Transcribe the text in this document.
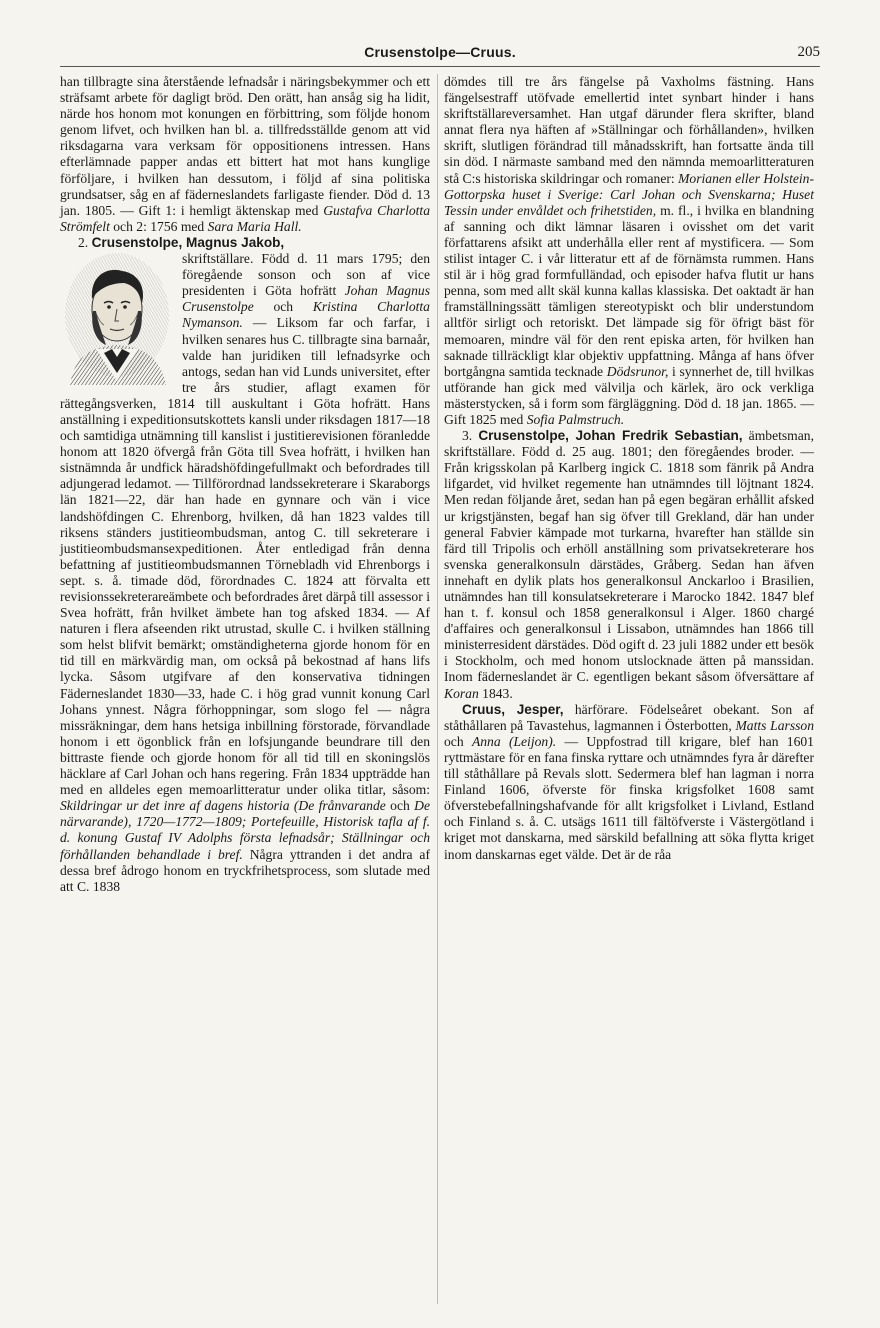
Crusenstolpe—Cruus.	205

han tillbragte sina återstående lefnadsår i näringsbekymmer och ett sträfsamt arbete för dagligt bröd. Den orätt, han ansåg sig ha lidit, närde hos honom mot konungen en förbittring, som följde honom genom lifvet, och hvilken han bl. a. tillfredsställde genom att vid riksdagarna vara verksam för oppositionens intressen. Hans efterlämnade papper andas ett bittert hat mot hans kunglige förföljare, i hvilken han dessutom, i följd af sina politiska grundsatser, såg en af fäderneslandets farligaste fiender. Död d. 13 jan. 1805. — Gift 1: i hemligt äktenskap med Gustafva Charlotta Strömfelt och 2: 1756 med Sara Maria Hall.

2. Crusenstolpe, Magnus Jakob,

skriftställare. Född d. 11 mars 1795; den föregående sonson och son af vice presidenten i Göta hofrätt Johan Magnus Crusenstolpe och Kristina Charlotta Nymanson. — Liksom far och farfar, i hvilken senares hus C. tillbragte sina barnaår, valde han juridiken till lefnadsyrke och antogs, sedan han vid Lunds universitet, efter tre års studier, aflagt examen för rättegångsverken, 1814 till auskultant i Göta hofrätt. Hans anställning i expeditionsutskottets kansli under riksdagen 1817—18 och samtidiga utnämning till kanslist i justitierevisionen föranledde honom att 1820 öfvergå från Göta till Svea hofrätt, i hvilken han sistnämnda år undfick häradshöfdingefullmakt och befordrades till adjungerad ledamot. — Tillförordnad landssekreterare i Skaraborgs län 1821—22, där han hade en gynnare och vän i vice landshöfdingen C. Ehrenborg, hvilken, då han 1823 valdes till riksens ständers justitieombudsman, antog C. till sekreterare i justitieombudsmansexpeditionen. Åter entledigad från denna befattning af justitieombudsmannen Törnebladh vid Ehrenborgs i sept. s. å. timade död, förordnades C. 1824 att förvalta ett revisionssekreterareämbete och befordrades året därpå till assessor i Svea hofrätt, från hvilket ämbete han tog afsked 1834. — Af naturen i flera afseenden rikt utrustad, skulle C. i hvilken ställning som helst blifvit bemärkt; omständigheterna gjorde honom för en tid till en märkvärdig man, om också på bekostnad af hans lifs lycka. Såsom utgifvare af den konservativa tidningen Fäderneslandet 1830—33, hade C. i hög grad vunnit konung Carl Johans ynnest. Några förhoppningar, som slogo fel — några missräkningar, dem hans hetsiga inbillning förstorade, förvandlade honom i ett ögonblick från en lofsjungande beundrare till den bittraste fiende och gjorde honom för all tid till en skoningslös häcklare af Carl Johan och hans regering. Från 1834 uppträdde han med en alldeles egen memoarlitteratur under olika titlar, såsom: Skildringar ur det inre af dagens historia (De frånvarande och De närvarande), 1720—1772—1809; Portefeuille, Historisk tafla af f. d. konung Gustaf IV Adolphs första lefnadsår; Ställningar och förhållanden behandlade i bref. Några yttranden i det andra af dessa bref ådrogo honom en tryckfrihetsprocess, som slutade med att C. 1838

dömdes till tre års fängelse på Vaxholms fästning. Hans fängelsestraff utöfvade emellertid intet synbart hinder i hans skriftställareversamhet. Han utgaf därunder flera skrifter, bland annat flera nya häften af »Ställningar och förhållanden», hvilken skrift, slutligen förändrad till månadsskrift, han fortsatte ända till sin död. I närmaste samband med den nämnda memoarlitteraturen stå C:s historiska skildringar och romaner: Morianen eller Holstein-Gottorpska huset i Sverige: Carl Johan och Svenskarna; Huset Tessin under envåldet och frihetstiden, m. fl., i hvilka en blandning af sanning och dikt lämnar läsaren i ovisshet om det varit författarens afsikt att underhålla eller rent af mystificera. — Som stilist intager C. i vår litteratur ett af de förnämsta rummen. Hans stil är i hög grad formfulländad, och episoder hafva flutit ur hans penna, som med allt skäl kunna kallas klassiska. Det oaktadt är han framställningssätt tämligen stereotypiskt och blir understundom alltför sirligt och retoriskt. Det lämpade sig för öfrigt bäst för memoaren, mindre väl för den rent episka arten, för hvilken han saknade tillräckligt klar objektiv uppfattning. Många af hans öfver bortgångna samtida tecknade Dödsrunor, i synnerhet de, till hvilkas utförande han gick med välvilja och kärlek, äro ock verkliga mästerstycken, så i form som färgläggning. Död d. 18 jan. 1865. — Gift 1825 med Sofia Palmstruch.

3. Crusenstolpe, Johan Fredrik Sebastian, ämbetsman, skriftställare. Född d. 25 aug. 1801; den föregåendes broder. — Från krigsskolan på Karlberg ingick C. 1818 som fänrik på Andra lifgardet, vid hvilket regemente han utnämndes till löjtnant 1824. Men redan följande året, sedan han på egen begäran erhållit afsked ur krigstjänsten, begaf han sig öfver till Grekland, där han under general Fabvier kämpade mot turkarna, hvarefter han ställde sin färd till Tripolis och erhöll anställning som privatsekreterare hos svenska generalkonsuln därstädes, Gråberg. Sedan han äfven innehaft en dylik plats hos generalkonsul Anckarloo i Brasilien, utnämndes han till konsulatsekreterare i Marocko 1842. 1847 blef han t. f. konsul och 1858 generalkonsul i Alger. 1860 chargé d'affaires och generalkonsul i Lissabon, utnämndes han 1866 till ministerresident därstädes. Död ogift d. 23 juli 1882 under ett besök i Stockholm, och med honom utslocknade ätten på manssidan. Inom fäderneslandet är C. egentligen bekant såsom öfversättare af Koran 1843.

Cruus, Jesper, härförare. Födelseåret obekant. Son af ståthållaren på Tavastehus, lagmannen i Österbotten, Matts Larsson och Anna (Leijon). — Uppfostrad till krigare, blef han 1601 ryttmästare för en fana finska ryttare och utnämndes fyra år därefter till ståthållare på Revals slott. Sedermera blef han lagman i norra Finland 1606, öfverste för finska krigsfolket 1608 samt öfverstebefallningshafvande för allt krigsfolket i Livland, Estland och Finland s. å. C. utsägs 1611 till fältöfverste i Västergötland i kriget mot danskarna, med särskild befallning att söka flytta kriget inom danskarnas eget välde. Det är de råa
